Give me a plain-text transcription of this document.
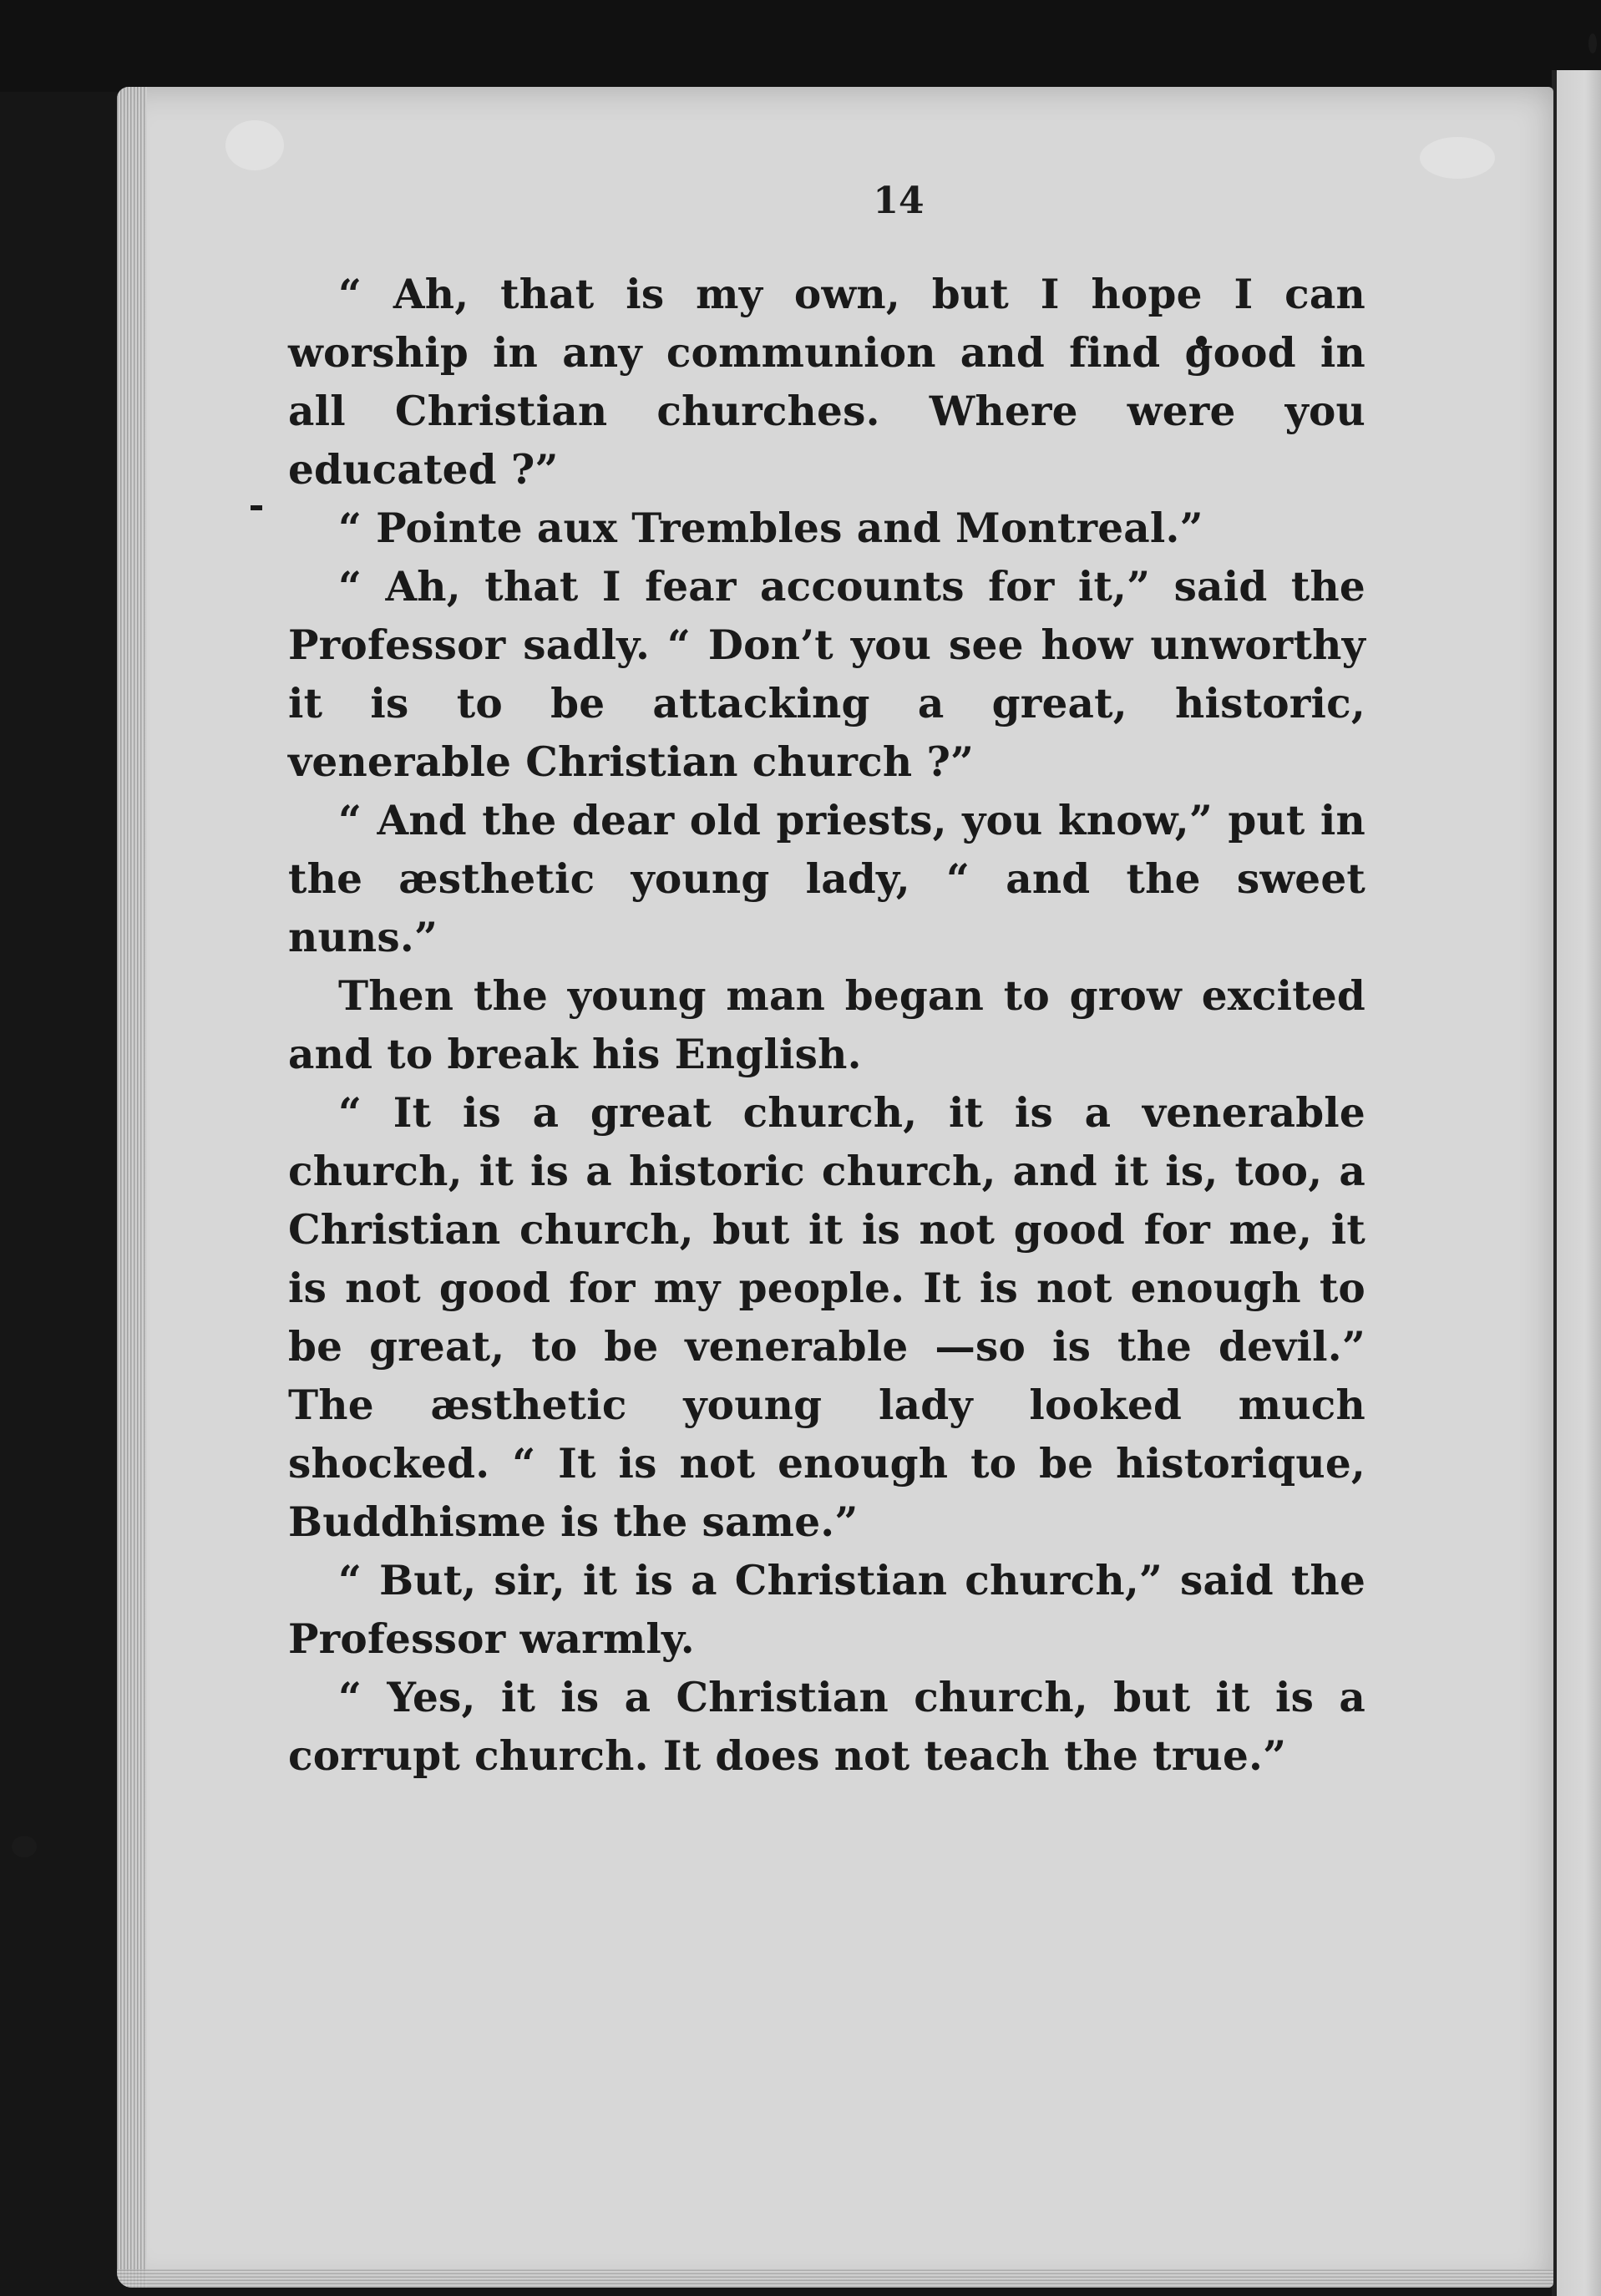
14

“ Ah, that is my own, but I hope I can worship in any communion and find good in all Christian churches. Where were you educated ?”

“ Pointe aux Trembles and Montreal.”

“ Ah, that I fear accounts for it,” said the Professor sadly. “ Don’t you see how unworthy it is to be attacking a great, historic, venerable Christian church ?”

“ And the dear old priests, you know,” put in the æsthetic young lady, “ and the sweet nuns.”

Then the young man began to grow excited and to break his English.

“ It is a great church, it is a venerable church, it is a historic church, and it is, too, a Christian church, but it is not good for me, it is not good for my people. It is not enough to be great, to be venerable —so is the devil.” The æsthetic young lady looked much shocked. “ It is not enough to be historique, Buddhisme is the same.”

“ But, sir, it is a Christian church,” said the Professor warmly.

“ Yes, it is a Christian church, but it is a corrupt church. It does not teach the true.”
